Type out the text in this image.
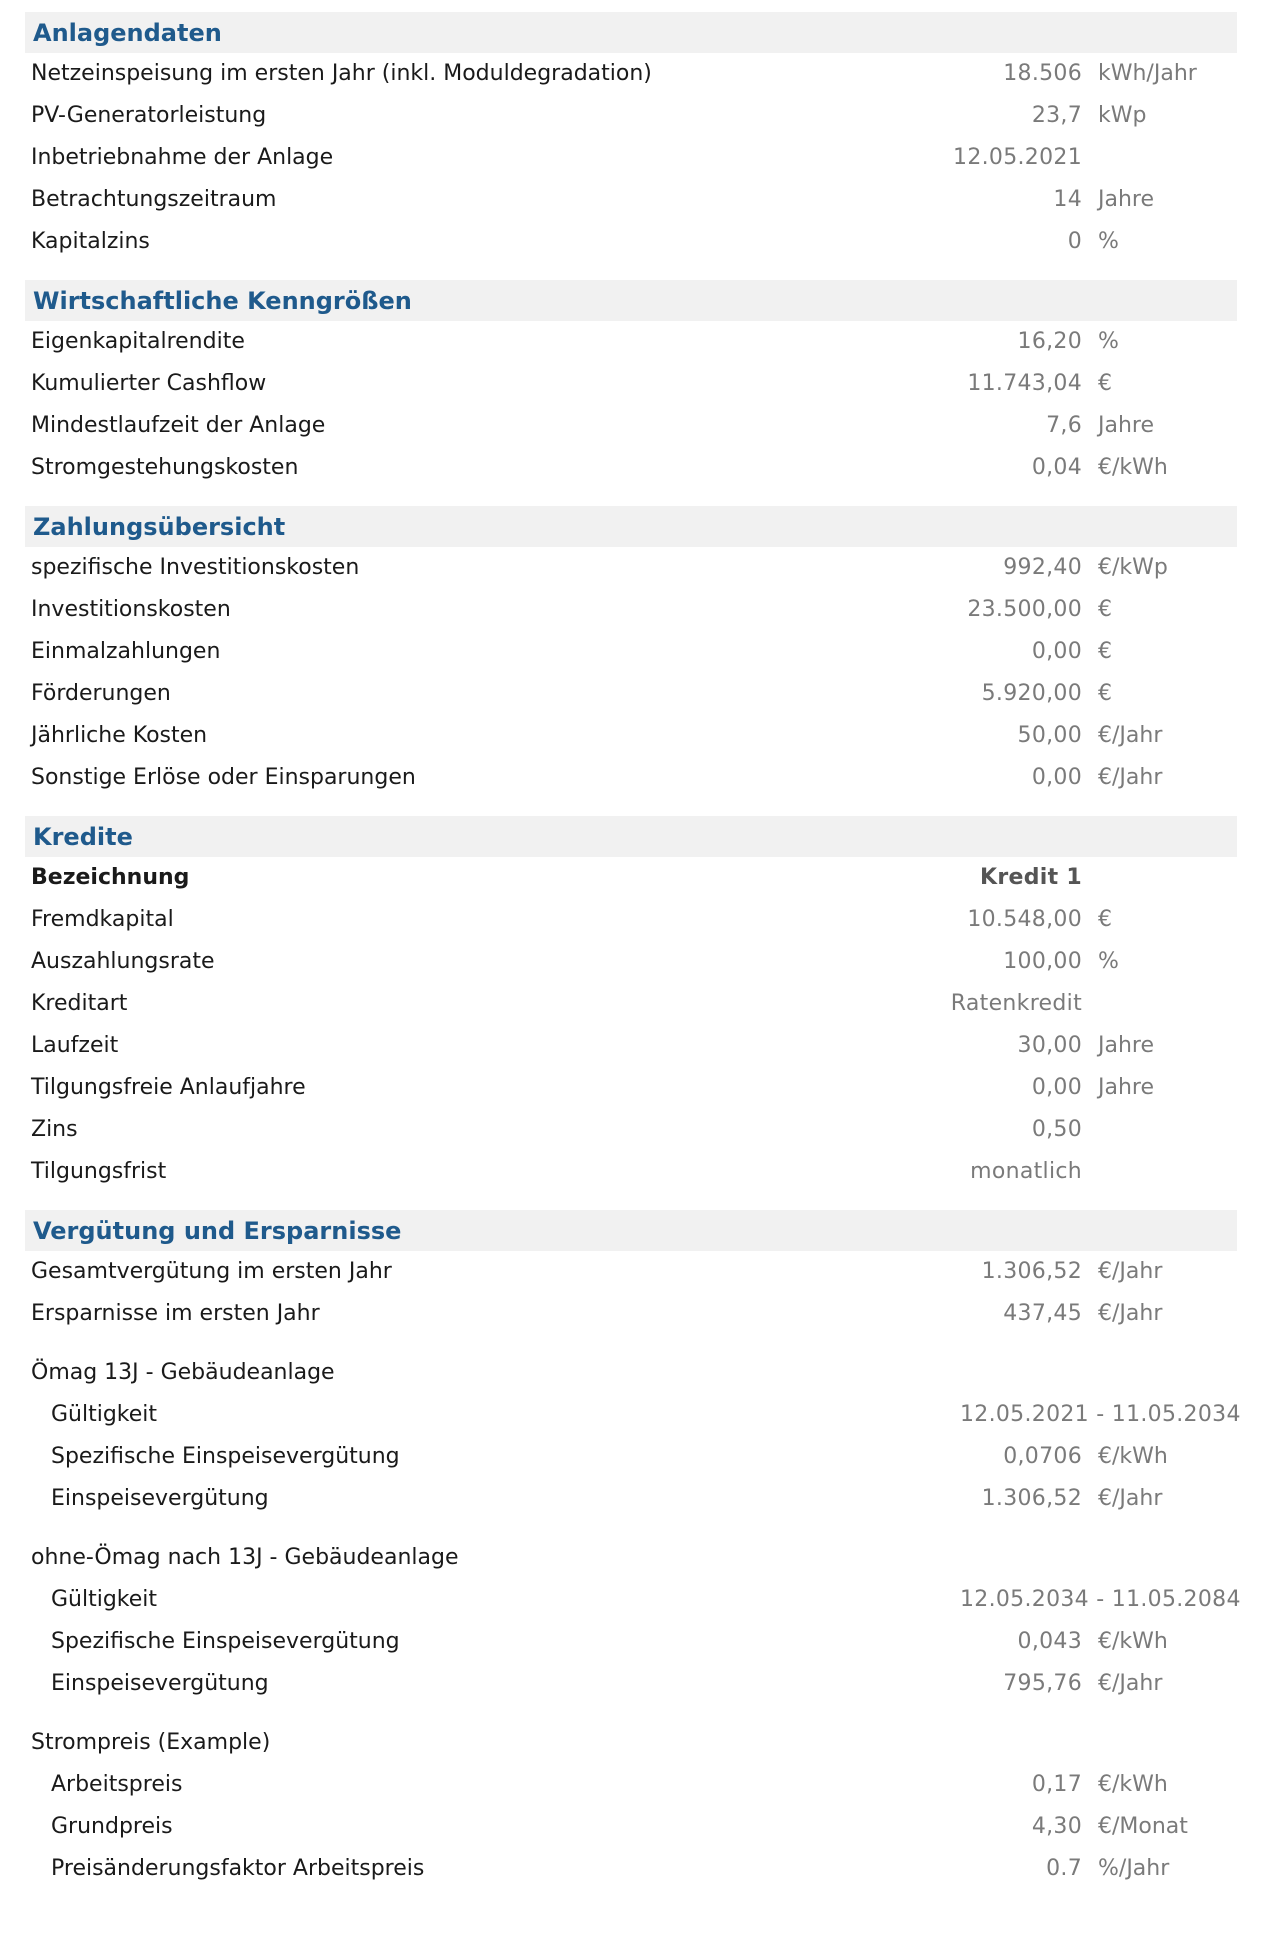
Anlagendaten
Netzeinspeisung im ersten Jahr (inkl. Moduldegradation)	18.506 kWh/Jahr
PV-Generatorleistung	23,7 kWp
Inbetriebnahme der Anlage	12.05.2021
Betrachtungszeitraum	14 Jahre
Kapitalzins	0 %
Wirtschaftliche Kenngrößen
Eigenkapitalrendite	16,20 %
Kumulierter Cashflow	11.743,04 €
Mindestlaufzeit der Anlage	7,6 Jahre
Stromgestehungskosten	0,04 €/kWh
Zahlungsübersicht
spezifische Investitionskosten	992,40 €/kWp
Investitionskosten	23.500,00 €
Einmalzahlungen	0,00 €
Förderungen	5.920,00 €
Jährliche Kosten	50,00 €/Jahr
Sonstige Erlöse oder Einsparungen	0,00 €/Jahr
Kredite
Bezeichnung	Kredit 1
Fremdkapital	10.548,00 €
Auszahlungsrate	100,00 %
Kreditart	Ratenkredit
Laufzeit	30,00 Jahre
Tilgungsfreie Anlaufjahre	0,00 Jahre
Zins	0,50
Tilgungsfrist	monatlich
Vergütung und Ersparnisse
Gesamtvergütung im ersten Jahr	1.306,52 €/Jahr
Ersparnisse im ersten Jahr	437,45 €/Jahr
Ömag 13J - Gebäudeanlage
Gültigkeit	12.05.2021 - 11.05.2034
Spezifische Einspeisevergütung	0,0706 €/kWh
Einspeisevergütung	1.306,52 €/Jahr
ohne-Ömag nach 13J - Gebäudeanlage
Gültigkeit	12.05.2034 - 11.05.2084
Spezifische Einspeisevergütung	0,043 €/kWh
Einspeisevergütung	795,76 €/Jahr
Strompreis (Example)
Arbeitspreis	0,17 €/kWh
Grundpreis	4,30 €/Monat
Preisänderungsfaktor Arbeitspreis	0.7 %/Jahr
